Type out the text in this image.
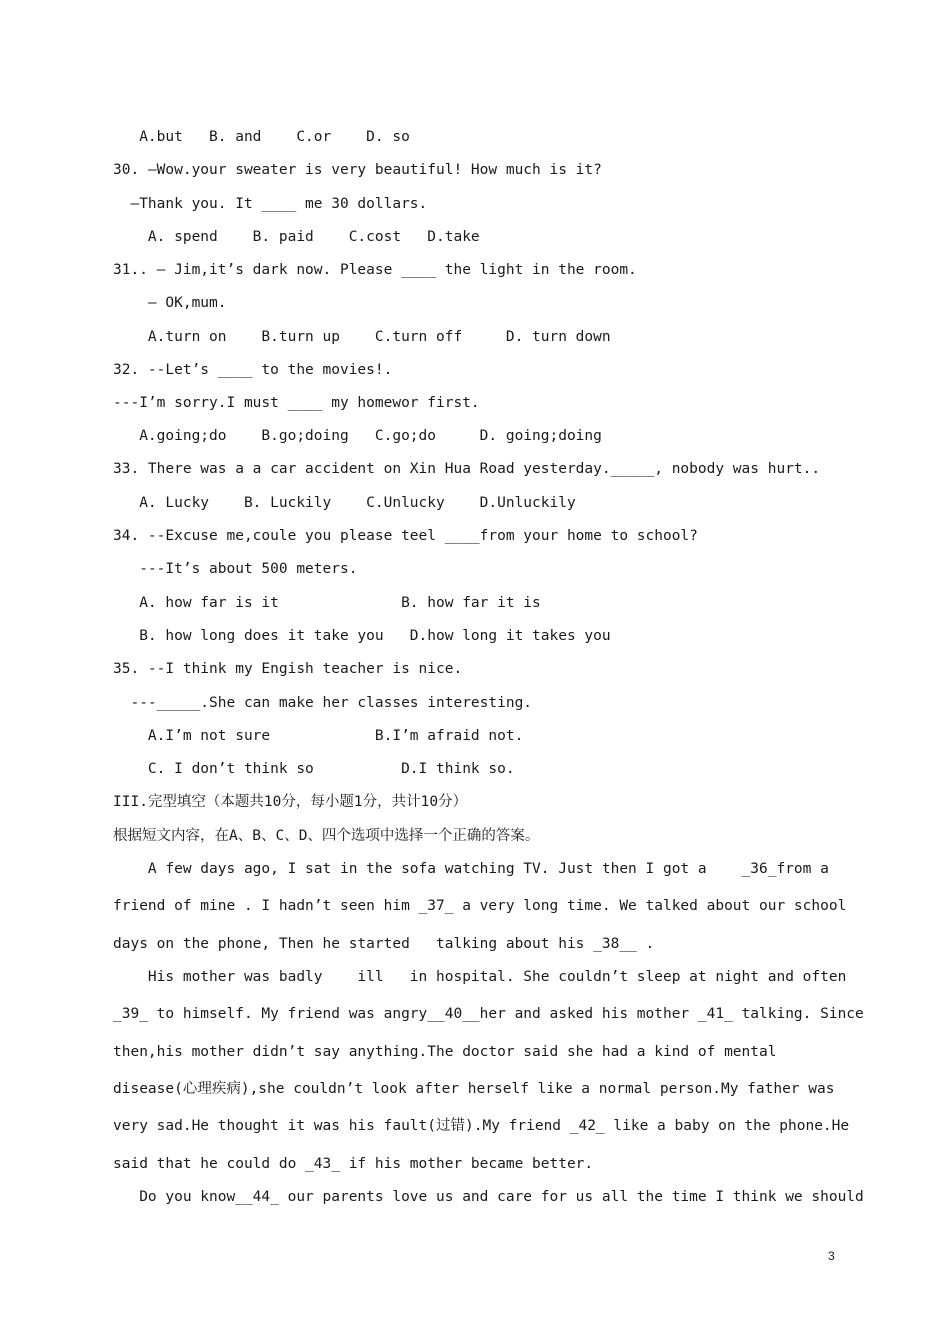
A.but   B. and    C.or    D. so
30. —Wow.your sweater is very beautiful! How much is it?
—Thank you. It ____ me 30 dollars.
A. spend    B. paid    C.cost   D.take
31.. — Jim,it’s dark now. Please ____ the light in the room.
— OK,mum.
A.turn on    B.turn up    C.turn off     D. turn down
32. --Let’s ____ to the movies!.
---I’m sorry.I must ____ my homewor first.
A.going;do    B.go;doing   C.go;do     D. going;doing
33. There was a a car accident on Xin Hua Road yesterday._____, nobody was hurt..
A. Lucky    B. Luckily    C.Unlucky    D.Unluckily
34. --Excuse me,coule you please teel ____from your home to school?
---It’s about 500 meters.
A. how far is it              B. how far it is
B. how long does it take you   D.how long it takes you
35. --I think my Engish teacher is nice.
---_____.She can make her classes interesting.
A.I’m not sure            B.I’m afraid not.
C. I don’t think so          D.I think so.
III.完型填空（本题共10分，每小题1分，共计10分）
根据短文内容，在A、B、C、D、四个选项中选择一个正确的答案。
A few days ago, I sat in the sofa watching TV. Just then I got a    _36_from a
friend of mine . I hadn’t seen him _37_ a very long time. We talked about our school
days on the phone, Then he started   talking about his _38__ .
His mother was badly    ill   in hospital. She couldn’t sleep at night and often
_39_ to himself. My friend was angry__40__her and asked his mother _41_ talking. Since
then,his mother didn’t say anything.The doctor said she had a kind of mental
disease(心理疾病),she couldn’t look after herself like a normal person.My father was
very sad.He thought it was his fault(过错).My friend _42_ like a baby on the phone.He
said that he could do _43_ if his mother became better.
Do you know__44_ our parents love us and care for us all the time I think we should
3
